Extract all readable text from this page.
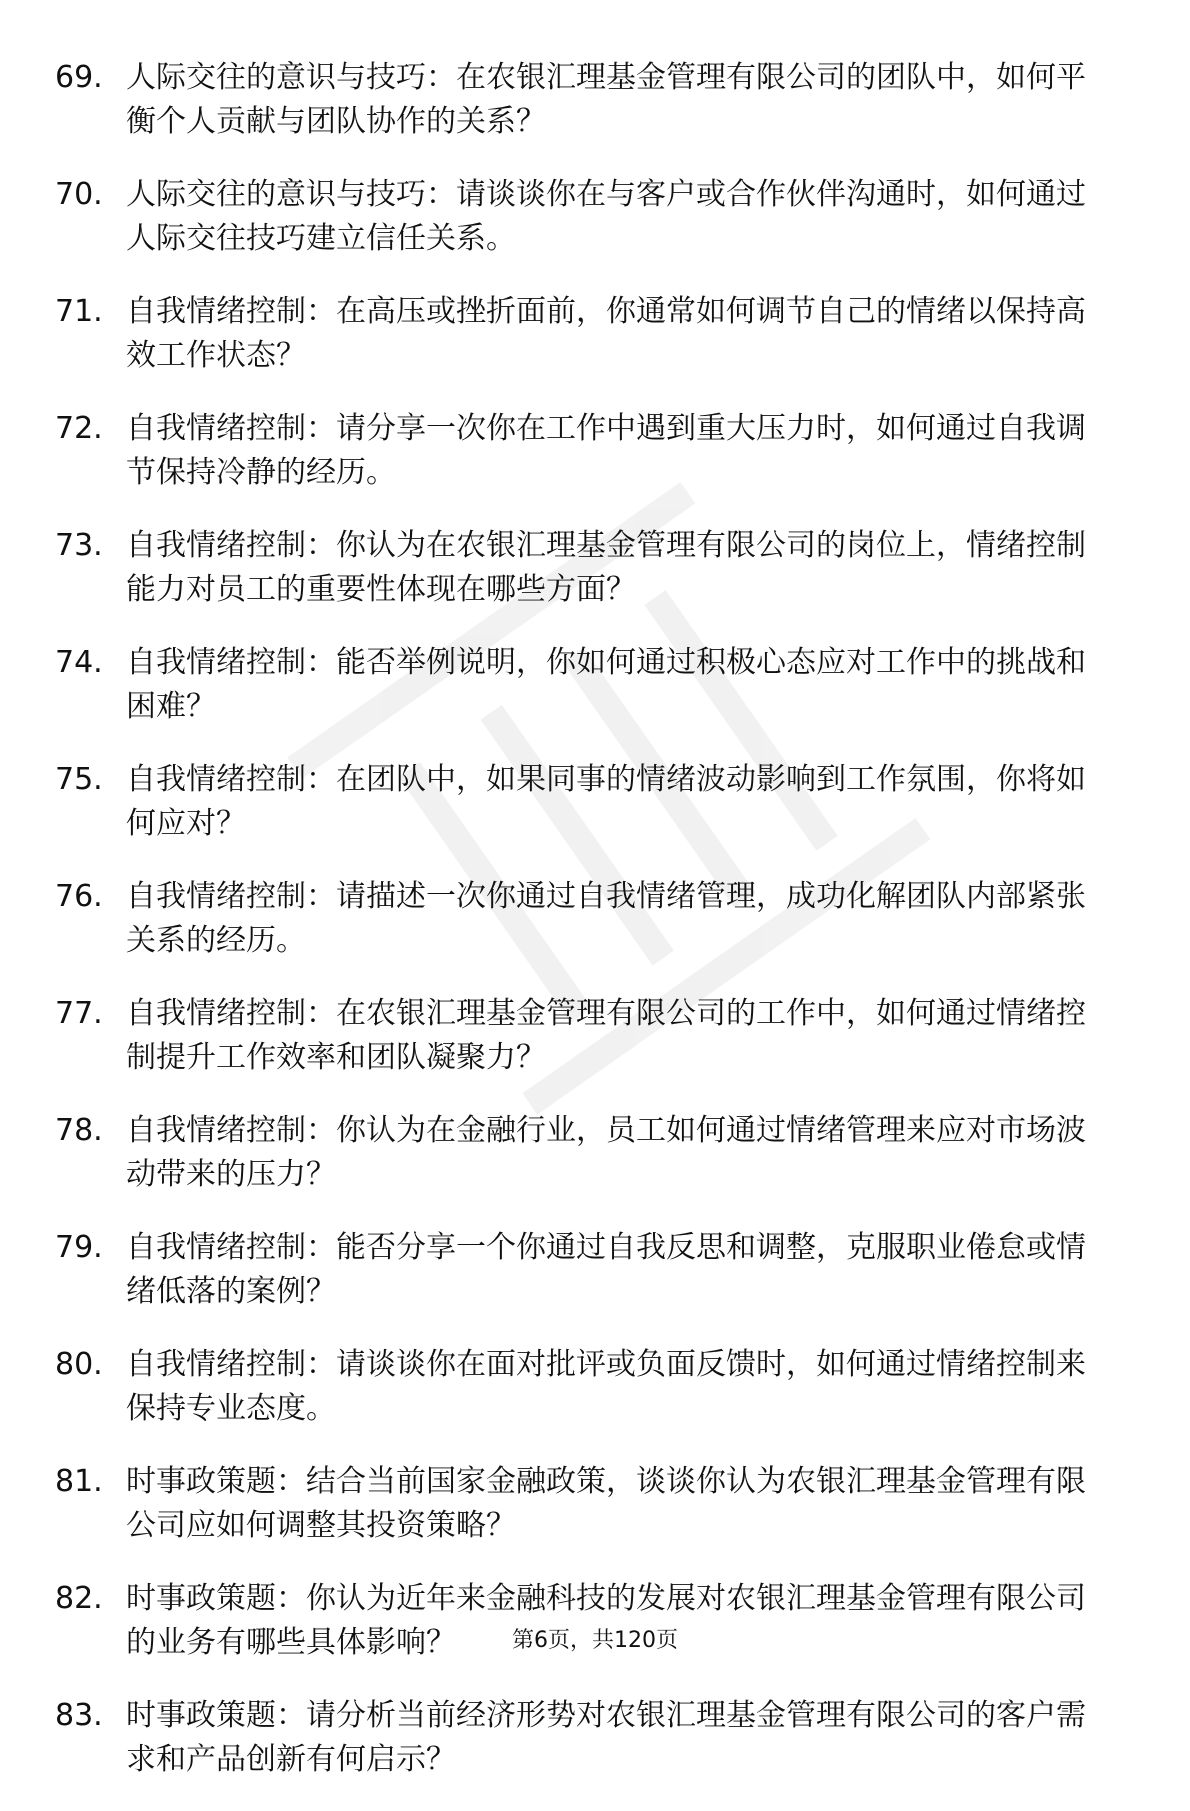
69. 人际交往的意识与技巧：在农银汇理基金管理有限公司的团队中，如何平衡个人贡献与团队协作的关系？
70. 人际交往的意识与技巧：请谈谈你在与客户或合作伙伴沟通时，如何通过人际交往技巧建立信任关系。
71. 自我情绪控制：在高压或挫折面前，你通常如何调节自己的情绪以保持高效工作状态？
72. 自我情绪控制：请分享一次你在工作中遇到重大压力时，如何通过自我调节保持冷静的经历。
73. 自我情绪控制：你认为在农银汇理基金管理有限公司的岗位上，情绪控制能力对员工的重要性体现在哪些方面？
74. 自我情绪控制：能否举例说明，你如何通过积极心态应对工作中的挑战和困难？
75. 自我情绪控制：在团队中，如果同事的情绪波动影响到工作氛围，你将如何应对？
76. 自我情绪控制：请描述一次你通过自我情绪管理，成功化解团队内部紧张关系的经历。
77. 自我情绪控制：在农银汇理基金管理有限公司的工作中，如何通过情绪控制提升工作效率和团队凝聚力？
78. 自我情绪控制：你认为在金融行业，员工如何通过情绪管理来应对市场波动带来的压力？
79. 自我情绪控制：能否分享一个你通过自我反思和调整，克服职业倦怠或情绪低落的案例？
80. 自我情绪控制：请谈谈你在面对批评或负面反馈时，如何通过情绪控制来保持专业态度。
81. 时事政策题：结合当前国家金融政策，谈谈你认为农银汇理基金管理有限公司应如何调整其投资策略？
82. 时事政策题：你认为近年来金融科技的发展对农银汇理基金管理有限公司的业务有哪些具体影响？
83. 时事政策题：请分析当前经济形势对农银汇理基金管理有限公司的客户需求和产品创新有何启示？
第6页，共120页
